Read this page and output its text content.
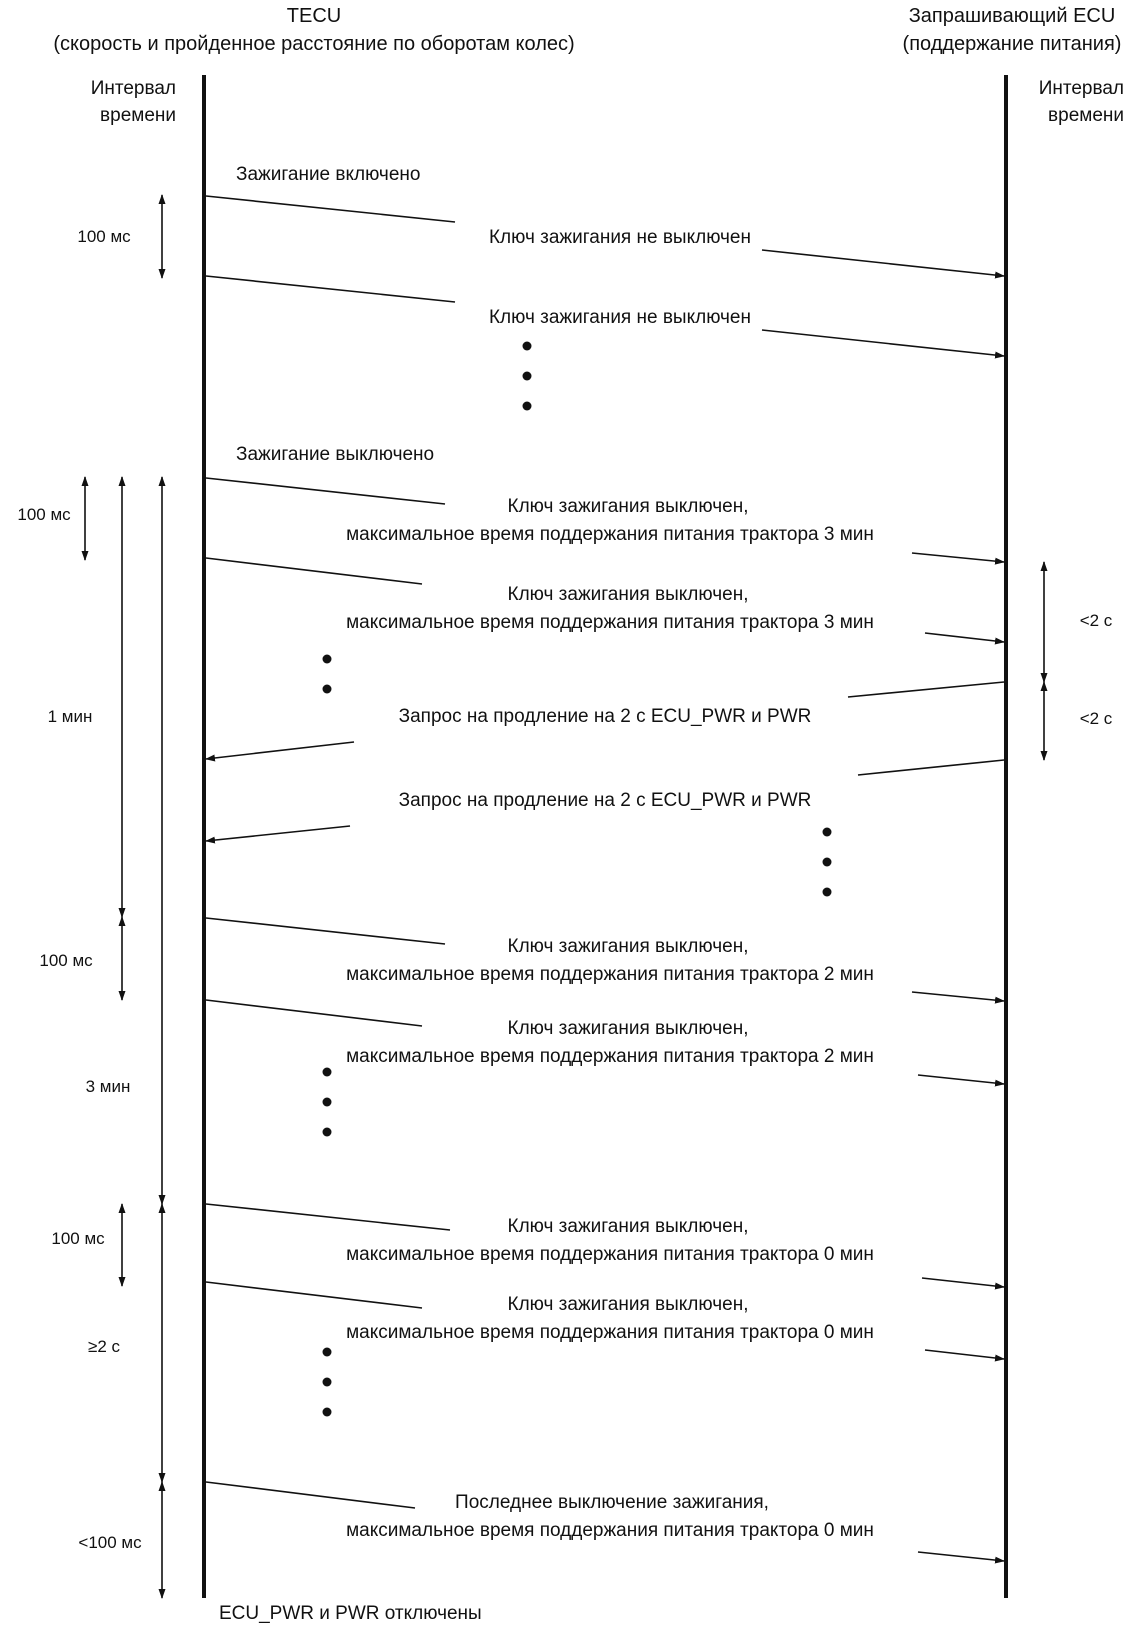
TECU
(скорость и пройденное расстояние по оборотам колес)
Запрашивающий ECU
(поддержание питания)
Интервал
времени
Интервал
времени
Зажигание включено
Зажигание выключено
ECU_PWR и PWR отключены
Ключ зажигания не выключен
Ключ зажигания не выключен
Ключ зажигания выключен,
максимальное время поддержания питания трактора 3 мин
Ключ зажигания выключен,
максимальное время поддержания питания трактора 3 мин
Запрос на продление на 2 с ECU_PWR и PWR
Запрос на продление на 2 с ECU_PWR и PWR
Ключ зажигания выключен,
максимальное время поддержания питания трактора 2 мин
Ключ зажигания выключен,
максимальное время поддержания питания трактора 2 мин
Ключ зажигания выключен,
максимальное время поддержания питания трактора 0 мин
Ключ зажигания выключен,
максимальное время поддержания питания трактора 0 мин
Последнее выключение зажигания,
максимальное время поддержания питания трактора 0 мин
100 мс
100 мс
1 мин
100 мс
3 мин
100 мс
≥2 с
<100 мс
<2 с
<2 с
